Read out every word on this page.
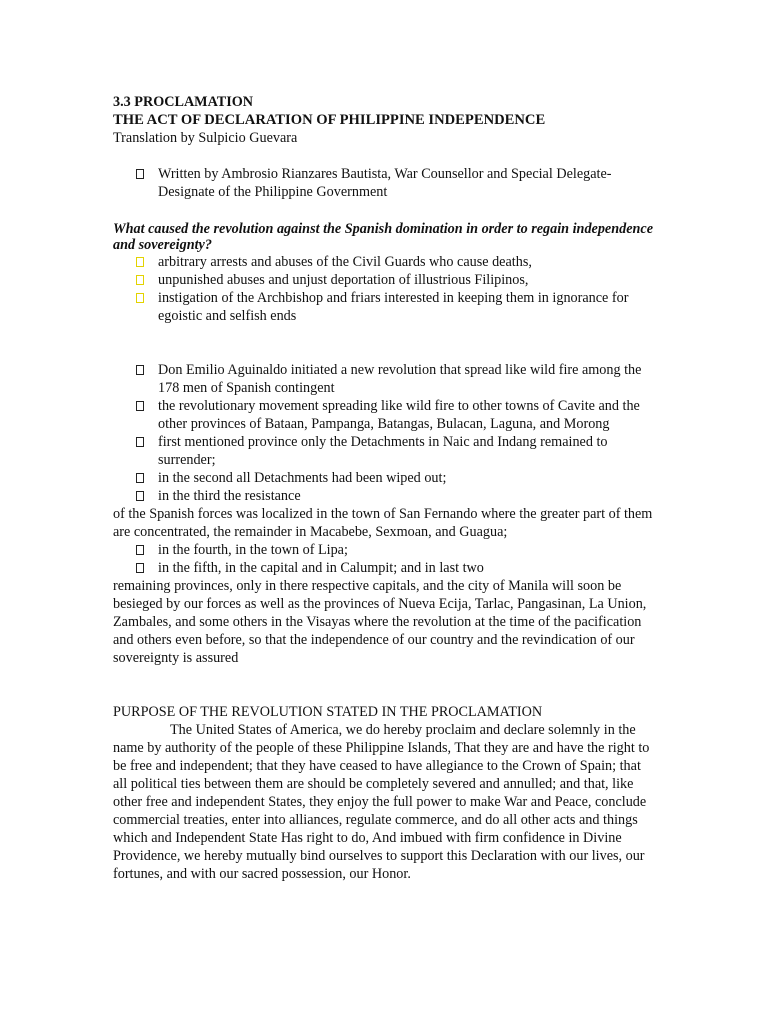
3.3 PROCLAMATION
THE ACT OF DECLARATION OF PHILIPPINE INDEPENDENCE
Translation by Sulpicio Guevara
Written by Ambrosio Rianzares Bautista, War Counsellor and Special Delegate-Designate of the Philippine Government
What caused the revolution against the Spanish domination in order to regain independence and sovereignty?
arbitrary arrests and abuses of the Civil Guards who cause deaths,
unpunished abuses and unjust deportation of illustrious Filipinos,
instigation of the Archbishop and friars interested in keeping them in ignorance for egoistic and selfish ends
Don Emilio Aguinaldo initiated a new revolution that spread like wild fire among the 178 men of Spanish contingent
the revolutionary movement spreading like wild fire to other towns of Cavite and the other provinces of Bataan, Pampanga, Batangas, Bulacan, Laguna, and Morong
first mentioned province only the Detachments in Naic and Indang remained to surrender;
in the second all Detachments had been wiped out;
in the third the resistance
of the Spanish forces was localized in the town of San Fernando where the greater part of them are concentrated, the remainder in Macabebe, Sexmoan, and Guagua;
in the fourth, in the town of Lipa;
in the fifth, in the capital and in Calumpit; and in last two
remaining provinces, only in there respective capitals, and the city of Manila will soon be besieged by our forces as well as the provinces of Nueva Ecija, Tarlac, Pangasinan, La Union, Zambales, and some others in the Visayas where the revolution at the time of the pacification and others even before, so that the independence of our country and the revindication of our sovereignty is assured
PURPOSE OF THE REVOLUTION STATED IN THE PROCLAMATION
The United States of America, we do hereby proclaim and declare solemnly in the name by authority of the people of these Philippine Islands, That they are and have the right to be free and independent; that they have ceased to have allegiance to the Crown of Spain; that all political ties between them are should be completely severed and annulled; and that, like other free and independent States, they enjoy the full power to make War and Peace, conclude commercial treaties, enter into alliances, regulate commerce, and do all other acts and things which and Independent State Has right to do, And imbued with firm confidence in Divine Providence, we hereby mutually bind ourselves to support this Declaration with our lives, our fortunes, and with our sacred possession, our Honor.
